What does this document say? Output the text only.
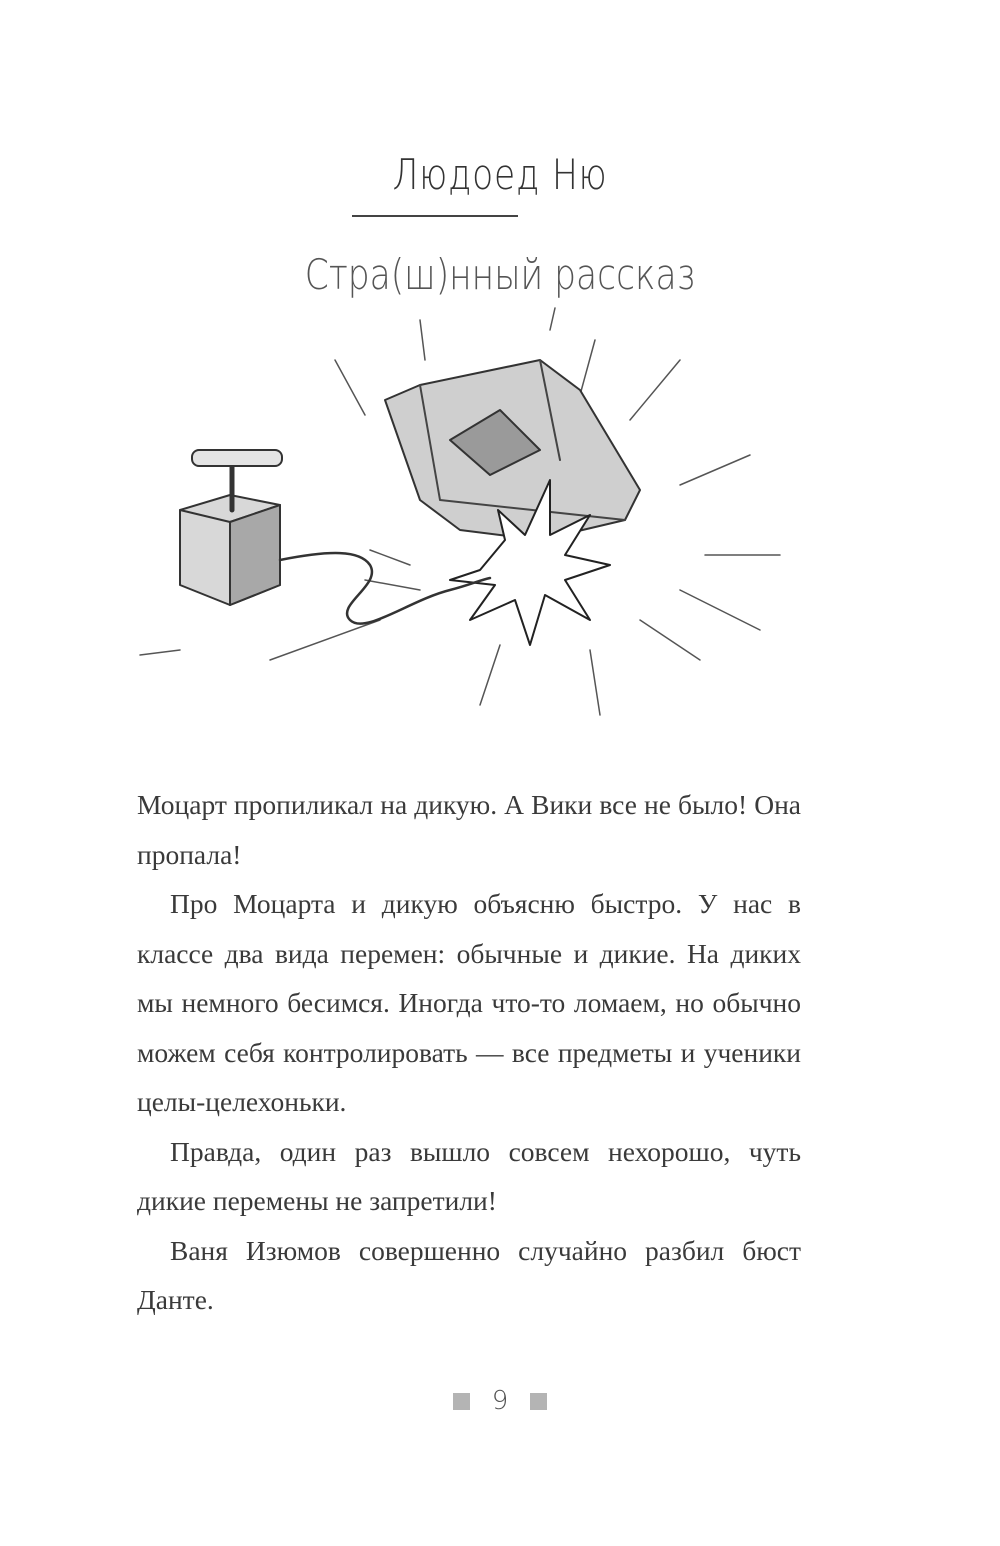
Людоед Ню
Стра(ш)нный рассказ

Моцарт пропиликал на дикую. А Вики все не было! Она пропала!

Про Моцарта и дикую объясню быстро. У нас в классе два вида перемен: обычные и дикие. На диких мы немного бесимся. Иногда что-то ломаем, но обычно можем себя контролировать — все предметы и ученики целы-целехоньки.

Правда, один раз вышло совсем нехорошо, чуть дикие перемены не запретили!

Ваня Изюмов совершенно случайно разбил бюст Данте.

9
